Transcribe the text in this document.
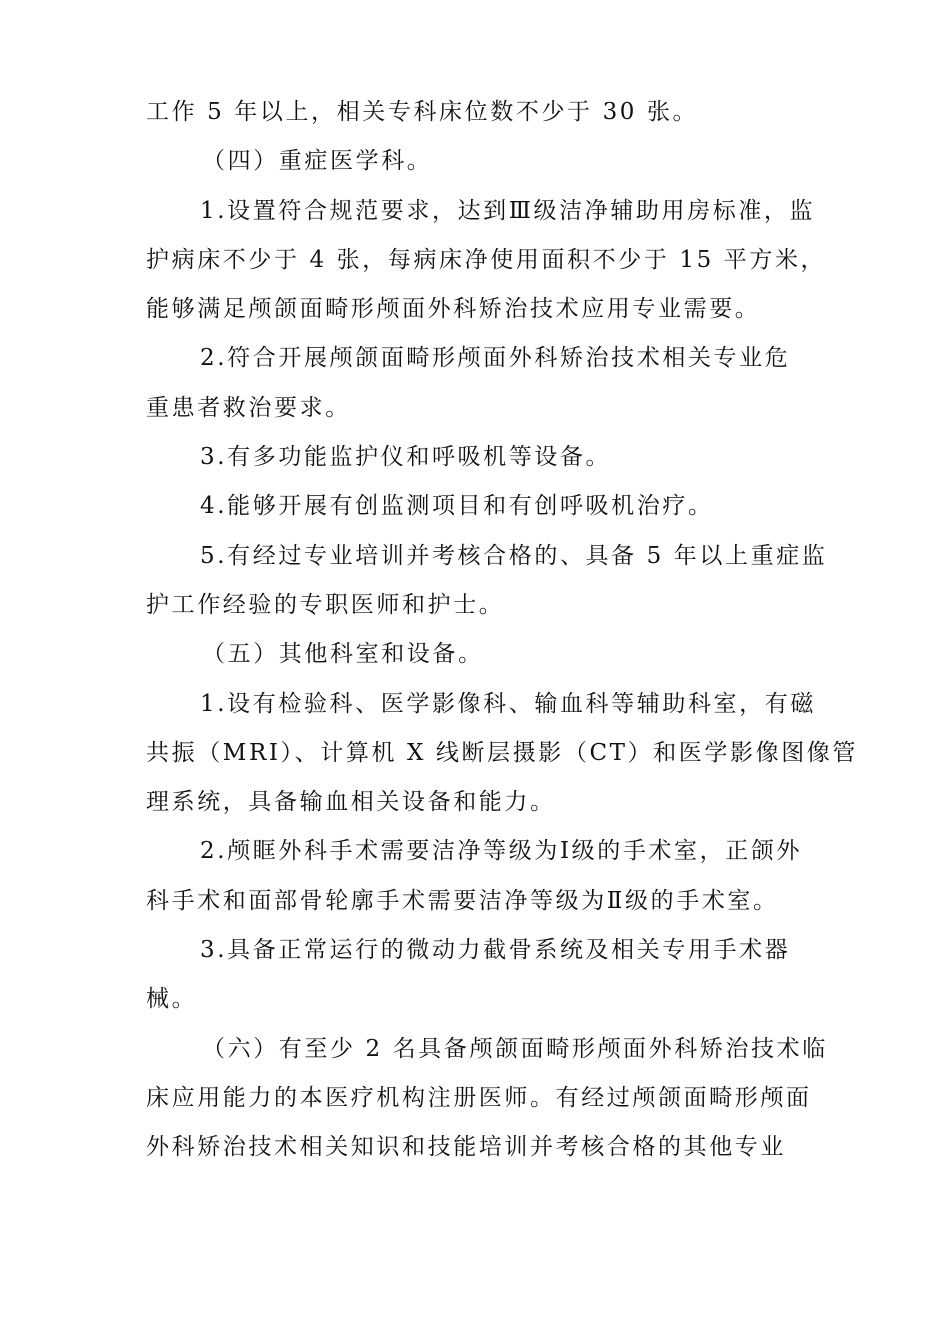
工作 5 年以上，相关专科床位数不少于 30 张。
（四）重症医学科。
1.设置符合规范要求，达到Ⅲ级洁净辅助用房标准，监
护病床不少于 4 张，每病床净使用面积不少于 15 平方米，
能够满足颅颌面畸形颅面外科矫治技术应用专业需要。
2.符合开展颅颌面畸形颅面外科矫治技术相关专业危
重患者救治要求。
3.有多功能监护仪和呼吸机等设备。
4.能够开展有创监测项目和有创呼吸机治疗。
5.有经过专业培训并考核合格的、具备 5 年以上重症监
护工作经验的专职医师和护士。
（五）其他科室和设备。
1.设有检验科、医学影像科、输血科等辅助科室，有磁
共振（MRI）、计算机 X 线断层摄影（CT）和医学影像图像管
理系统，具备输血相关设备和能力。
2.颅眶外科手术需要洁净等级为Ⅰ级的手术室，正颌外
科手术和面部骨轮廓手术需要洁净等级为Ⅱ级的手术室。
3.具备正常运行的微动力截骨系统及相关专用手术器
械。
（六）有至少 2 名具备颅颌面畸形颅面外科矫治技术临
床应用能力的本医疗机构注册医师。有经过颅颌面畸形颅面
外科矫治技术相关知识和技能培训并考核合格的其他专业
